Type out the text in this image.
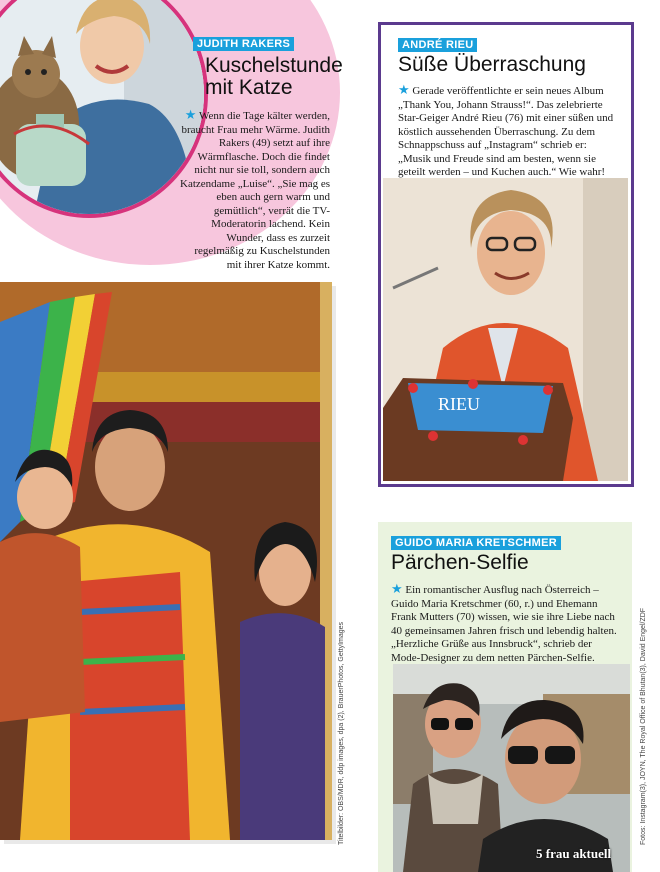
JUDITH RAKERS
Kuschelstunde mit Katze
★ Wenn die Tage kälter werden, braucht Frau mehr Wärme. Judith Rakers (49) setzt auf ihre Wärmflasche. Doch die findet nicht nur sie toll, sondern auch Katzendame „Luise“. „Sie mag es eben auch gern warm und gemütlich“, verrät die TV-Moderatorin lachend. Kein Wunder, dass es zurzeit regelmäßig zu Kuschelstunden mit ihrer Katze kommt.
ANDRÉ RIEU
Süße Überraschung
★ Gerade veröffentlichte er sein neues Album „Thank You, Johann Strauss!“. Das zelebrierte Star-Geiger André Rieu (76) mit einer süßen und köstlich aussehenden Überraschung. Zu dem Schnappschuss auf „Instagram“ schrieb er: „Musik und Freude sind am besten, wenn sie geteilt werden – und Kuchen auch.“ Wie wahr!
RIEU
Titelbilder: OBS/MDR, ddp images, dpa (2), BrauerPhotos, GettyImages
GUIDO MARIA KRETSCHMER
Pärchen-Selfie
★ Ein romantischer Ausflug nach Österreich – Guido Maria Kretschmer (60, r.) und Ehemann Frank Mutters (70) wissen, wie sie ihre Liebe nach 40 gemeinsamen Jahren frisch und lebendig halten. „Herzliche Grüße aus Innsbruck“, schrieb der Mode-Designer zu dem netten Pärchen-Selfie.	Fotos: Instagram(3), JOYN, The Royal Office of Bhutan(3), David Engel/ZDF
5 frau aktuell
